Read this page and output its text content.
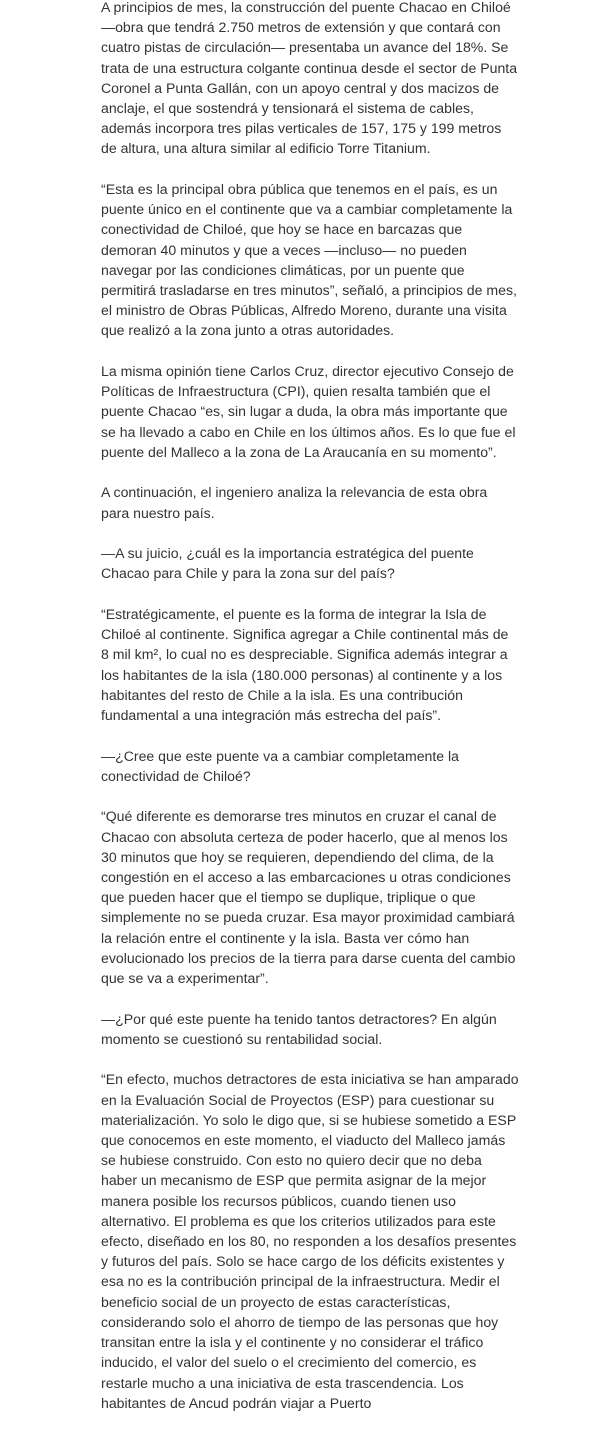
A principios de mes, la construcción del puente Chacao en Chiloé —obra que tendrá 2.750 metros de extensión y que contará con cuatro pistas de circulación— presentaba un avance del 18%. Se trata de una estructura colgante continua desde el sector de Punta Coronel a Punta Gallán, con un apoyo central y dos macizos de anclaje, el que sostendrá y tensionará el sistema de cables, además incorpora tres pilas verticales de 157, 175 y 199 metros de altura, una altura similar al edificio Torre Titanium.

“Esta es la principal obra pública que tenemos en el país, es un puente único en el continente que va a cambiar completamente la conectividad de Chiloé, que hoy se hace en barcazas que demoran 40 minutos y que a veces —incluso— no pueden navegar por las condiciones climáticas, por un puente que permitirá trasladarse en tres minutos”, señaló, a principios de mes, el ministro de Obras Públicas, Alfredo Moreno, durante una visita que realizó a la zona junto a otras autoridades.

La misma opinión tiene Carlos Cruz, director ejecutivo Consejo de Políticas de Infraestructura (CPI), quien resalta también que el puente Chacao “es, sin lugar a duda, la obra más importante que se ha llevado a cabo en Chile en los últimos años. Es lo que fue el puente del Malleco a la zona de La Araucanía en su momento”.

A continuación, el ingeniero analiza la relevancia de esta obra para nuestro país.

—A su juicio, ¿cuál es la importancia estratégica del puente Chacao para Chile y para la zona sur del país?

“Estratégicamente, el puente es la forma de integrar la Isla de Chiloé al continente. Significa agregar a Chile continental más de 8 mil km², lo cual no es despreciable. Significa además integrar a los habitantes de la isla (180.000 personas) al continente y a los habitantes del resto de Chile a la isla. Es una contribución fundamental a una integración más estrecha del país”.

—¿Cree que este puente va a cambiar completamente la conectividad de Chiloé?

“Qué diferente es demorarse tres minutos en cruzar el canal de Chacao con absoluta certeza de poder hacerlo, que al menos los 30 minutos que hoy se requieren, dependiendo del clima, de la congestión en el acceso a las embarcaciones u otras condiciones que pueden hacer que el tiempo se duplique, triplique o que simplemente no se pueda cruzar. Esa mayor proximidad cambiará la relación entre el continente y la isla. Basta ver cómo han evolucionado los precios de la tierra para darse cuenta del cambio que se va a experimentar”.

—¿Por qué este puente ha tenido tantos detractores? En algún momento se cuestionó su rentabilidad social.

“En efecto, muchos detractores de esta iniciativa se han amparado en la Evaluación Social de Proyectos (ESP) para cuestionar su materialización. Yo solo le digo que, si se hubiese sometido a ESP que conocemos en este momento, el viaducto del Malleco jamás se hubiese construido. Con esto no quiero decir que no deba haber un mecanismo de ESP que permita asignar de la mejor manera posible los recursos públicos, cuando tienen uso alternativo. El problema es que los criterios utilizados para este efecto, diseñado en los 80, no responden a los desafíos presentes y futuros del país. Solo se hace cargo de los déficits existentes y esa no es la contribución principal de la infraestructura. Medir el beneficio social de un proyecto de estas características, considerando solo el ahorro de tiempo de las personas que hoy transitan entre la isla y el continente y no considerar el tráfico inducido, el valor del suelo o el crecimiento del comercio, es restarle mucho a una iniciativa de esta trascendencia. Los habitantes de Ancud podrán viajar a Puerto
